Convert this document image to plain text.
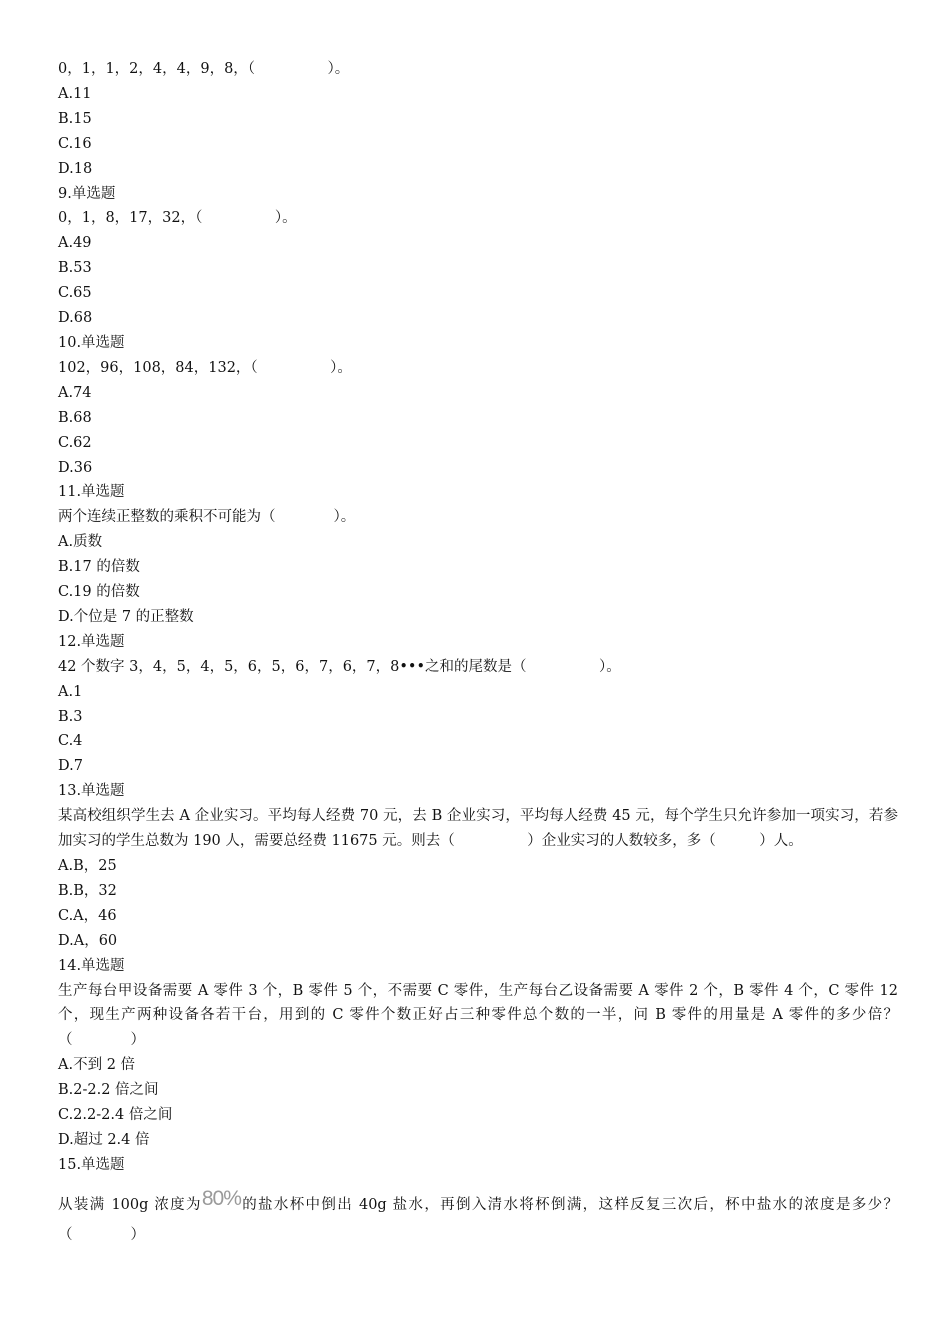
0，1，1，2，4，4，9，8，（　　　　　）。

A.11

B.15

C.16

D.18

9.单选题

0，1，8，17，32，（　　　　　）。

A.49

B.53

C.65

D.68

10.单选题

102，96，108，84，132，（　　　　　）。

A.74

B.68

C.62

D.36

11.单选题

两个连续正整数的乘积不可能为（　　　　）。

A.质数

B.17 的倍数

C.19 的倍数

D.个位是 7 的正整数

12.单选题

42 个数字 3，4，5，4，5，6，5，6，7，6，7，8•••之和的尾数是（　　　　　）。

A.1

B.3

C.4

D.7

13.单选题

某高校组织学生去 A 企业实习。平均每人经费 70 元，去 B 企业实习，平均每人经费 45 元，每个学生只允许参加一项实习，若参加实习的学生总数为 190 人，需要总经费 11675 元。则去（　　　　　）企业实习的人数较多，多（　　　）人。

A.B，25

B.B，32

C.A，46

D.A，60

14.单选题

生产每台甲设备需要 A 零件 3 个，B 零件 5 个，不需要 C 零件，生产每台乙设备需要 A 零件 2 个，B 零件 4 个，C 零件 12 个，现生产两种设备各若干台，用到的 C 零件个数正好占三种零件总个数的一半，问 B 零件的用量是 A 零件的多少倍？（　　　　）

A.不到 2 倍

B.2-2.2 倍之间

C.2.2-2.4 倍之间

D.超过 2.4 倍

15.单选题

从装满 100g 浓度为80%的盐水杯中倒出 40g 盐水，再倒入清水将杯倒满，这样反复三次后，杯中盐水的浓度是多少？（　　　　）
